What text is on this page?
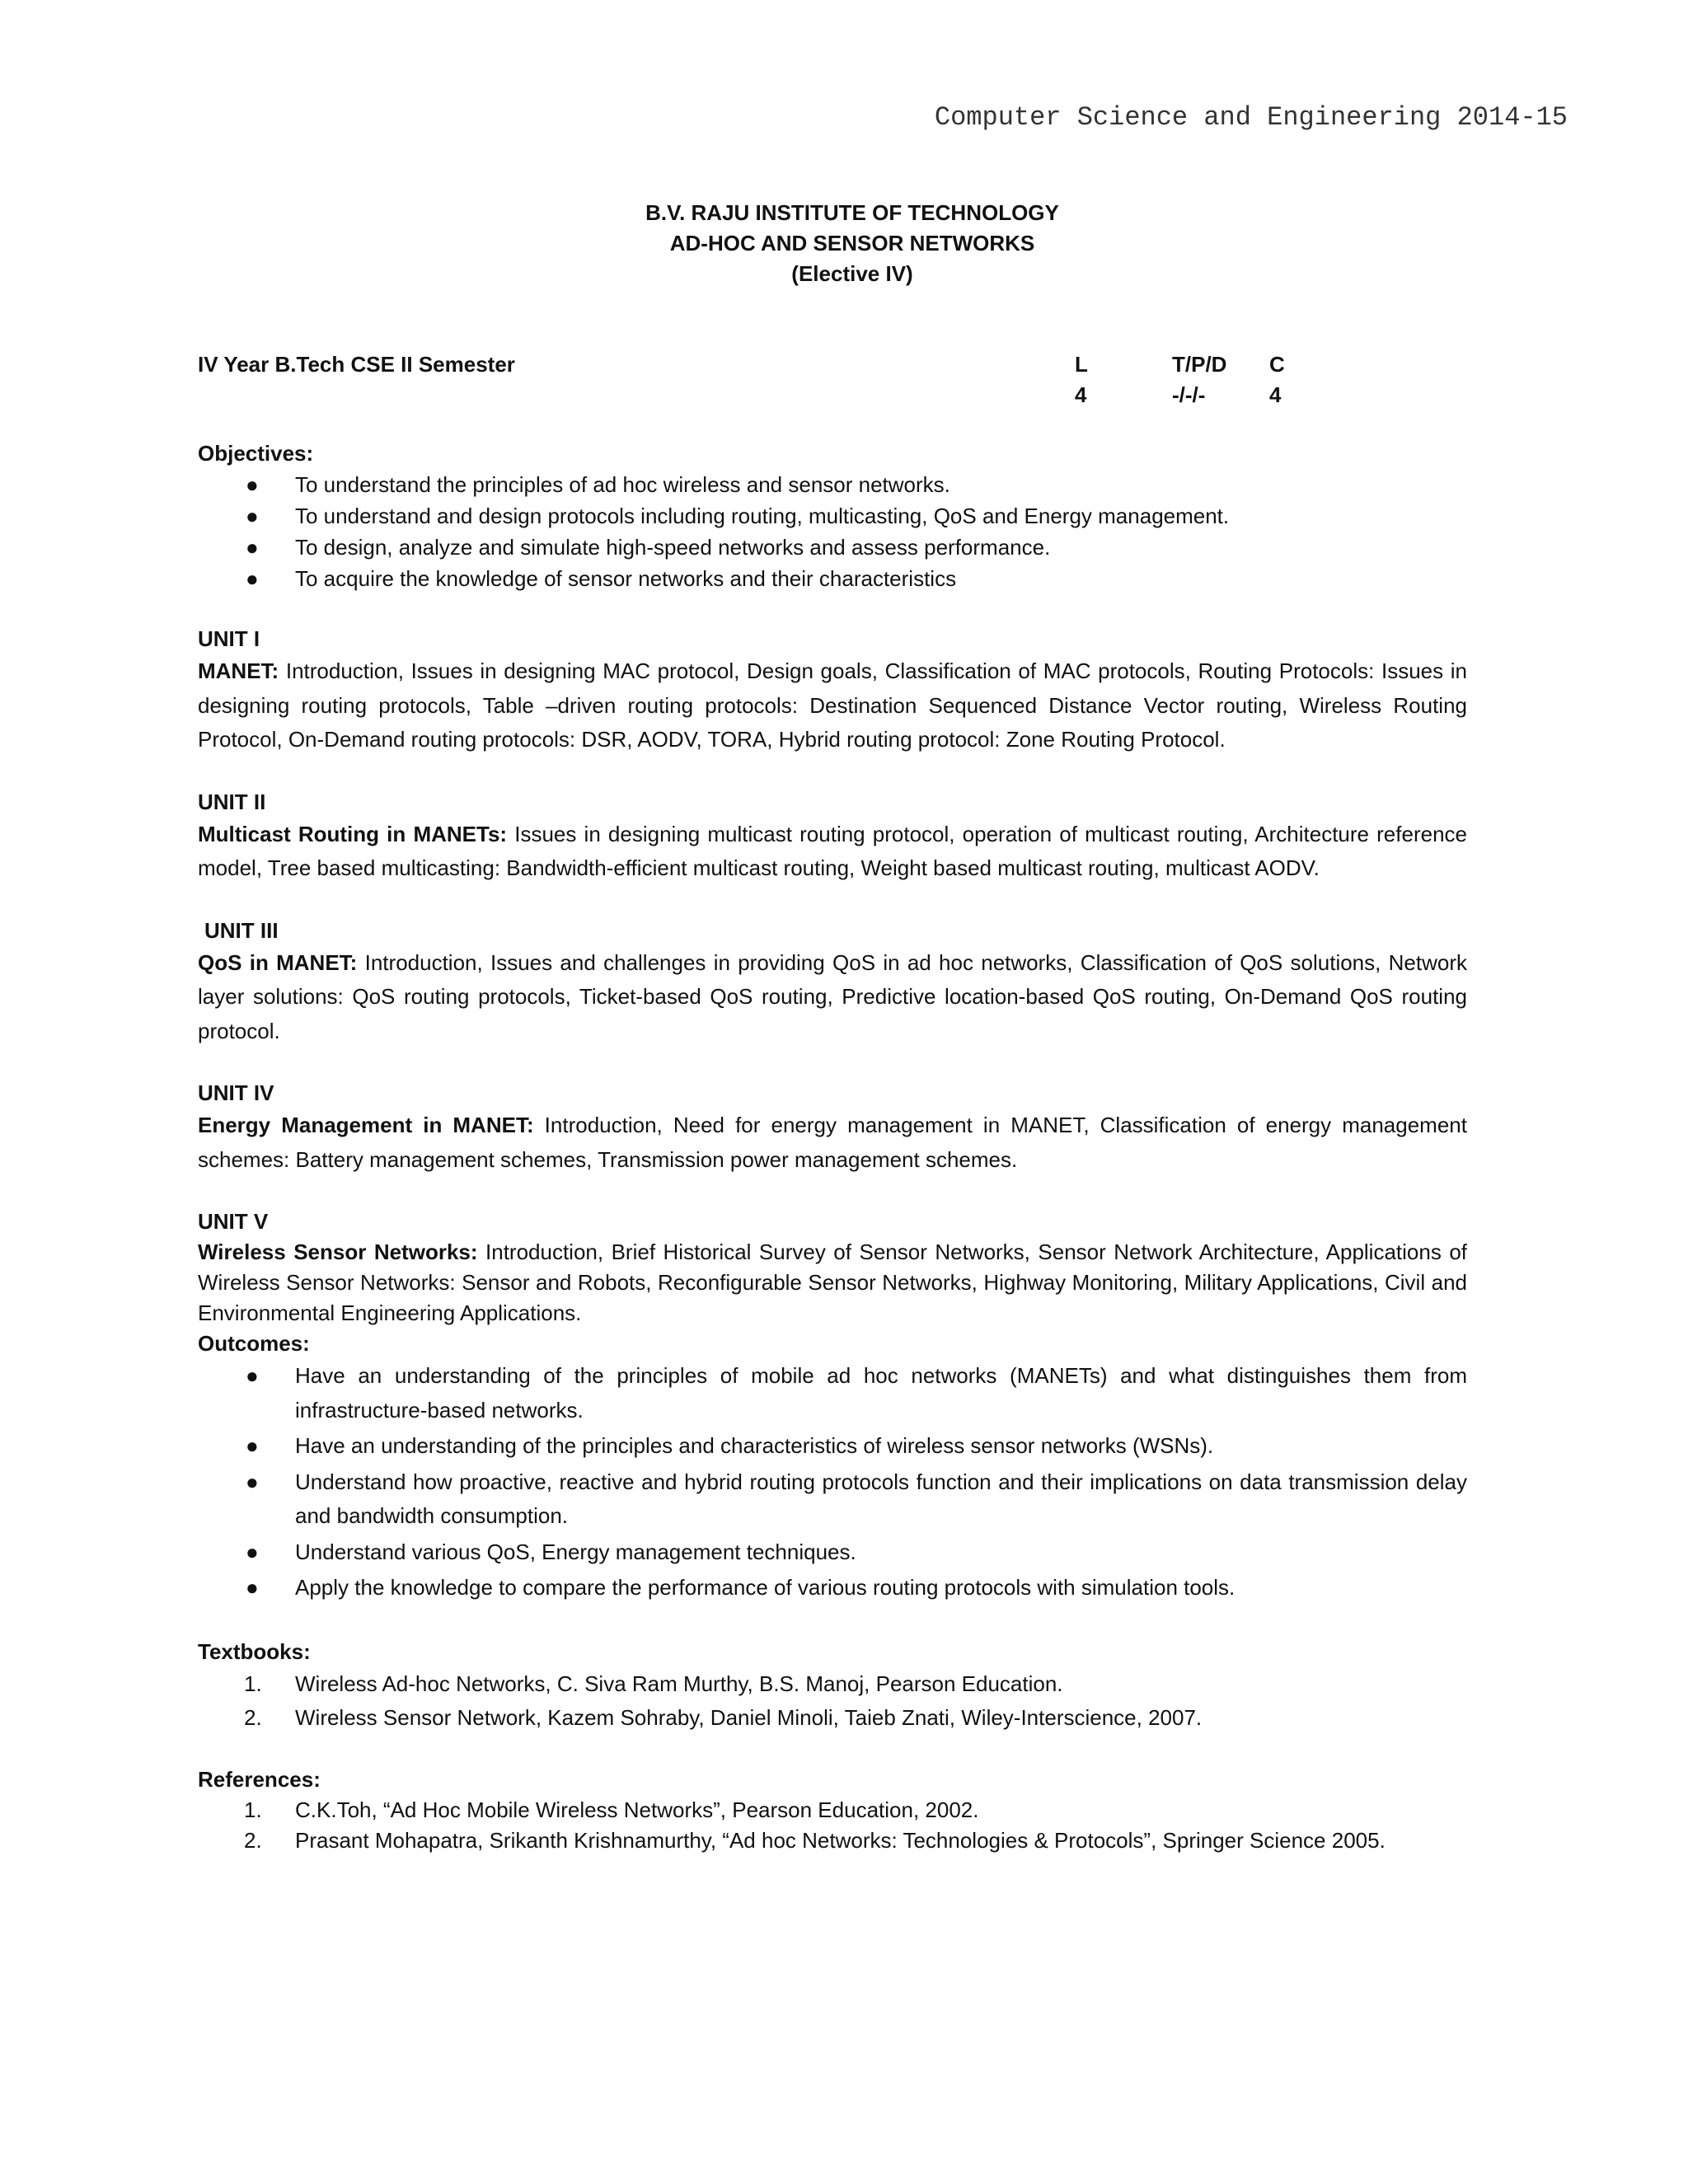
Computer Science and Engineering 2014-15
B.V. RAJU INSTITUTE OF TECHNOLOGY
AD-HOC AND SENSOR NETWORKS
(Elective IV)
IV Year B.Tech CSE II Semester	L
4
T/P/D
-/-/-
C
4
Objectives:
● To understand the principles of ad hoc wireless and sensor networks.
● To understand and design protocols including routing, multicasting, QoS and Energy management.
● To design, analyze and simulate high-speed networks and assess performance.
● To acquire the knowledge of sensor networks and their characteristics
UNIT I
MANET: Introduction, Issues in designing MAC protocol, Design goals, Classification of MAC protocols, Routing Protocols: Issues in designing routing protocols, Table –driven routing protocols: Destination Sequenced Distance Vector routing, Wireless Routing Protocol, On-Demand routing protocols: DSR, AODV, TORA, Hybrid routing protocol: Zone Routing Protocol.
UNIT II
Multicast Routing in MANETs: Issues in designing multicast routing protocol, operation of multicast routing, Architecture reference model, Tree based multicasting: Bandwidth-efficient multicast routing, Weight based multicast routing, multicast AODV.
UNIT III
QoS in MANET: Introduction, Issues and challenges in providing QoS in ad hoc networks, Classification of QoS solutions, Network layer solutions: QoS routing protocols, Ticket-based QoS routing, Predictive location-based QoS routing, On-Demand QoS routing protocol.
UNIT IV
Energy Management in MANET: Introduction, Need for energy management in MANET, Classification of energy management schemes: Battery management schemes, Transmission power management schemes.
UNIT V
Wireless Sensor Networks: Introduction, Brief Historical Survey of Sensor Networks, Sensor Network Architecture, Applications of Wireless Sensor Networks: Sensor and Robots, Reconfigurable Sensor Networks, Highway Monitoring, Military Applications, Civil and Environmental Engineering Applications.
Outcomes:
● Have an understanding of the principles of mobile ad hoc networks (MANETs) and what distinguishes them from infrastructure-based networks.
● Have an understanding of the principles and characteristics of wireless sensor networks (WSNs).
● Understand how proactive, reactive and hybrid routing protocols function and their implications on data transmission delay and bandwidth consumption.
● Understand various QoS, Energy management techniques.
● Apply the knowledge to compare the performance of various routing protocols with simulation tools.
Textbooks:
1. Wireless Ad-hoc Networks, C. Siva Ram Murthy, B.S. Manoj, Pearson Education.
2. Wireless Sensor Network, Kazem Sohraby, Daniel Minoli, Taieb Znati, Wiley-Interscience, 2007.
References:
1. C.K.Toh, “Ad Hoc Mobile Wireless Networks”, Pearson Education, 2002.
2. Prasant Mohapatra, Srikanth Krishnamurthy, “Ad hoc Networks: Technologies & Protocols”, Springer Science 2005.
